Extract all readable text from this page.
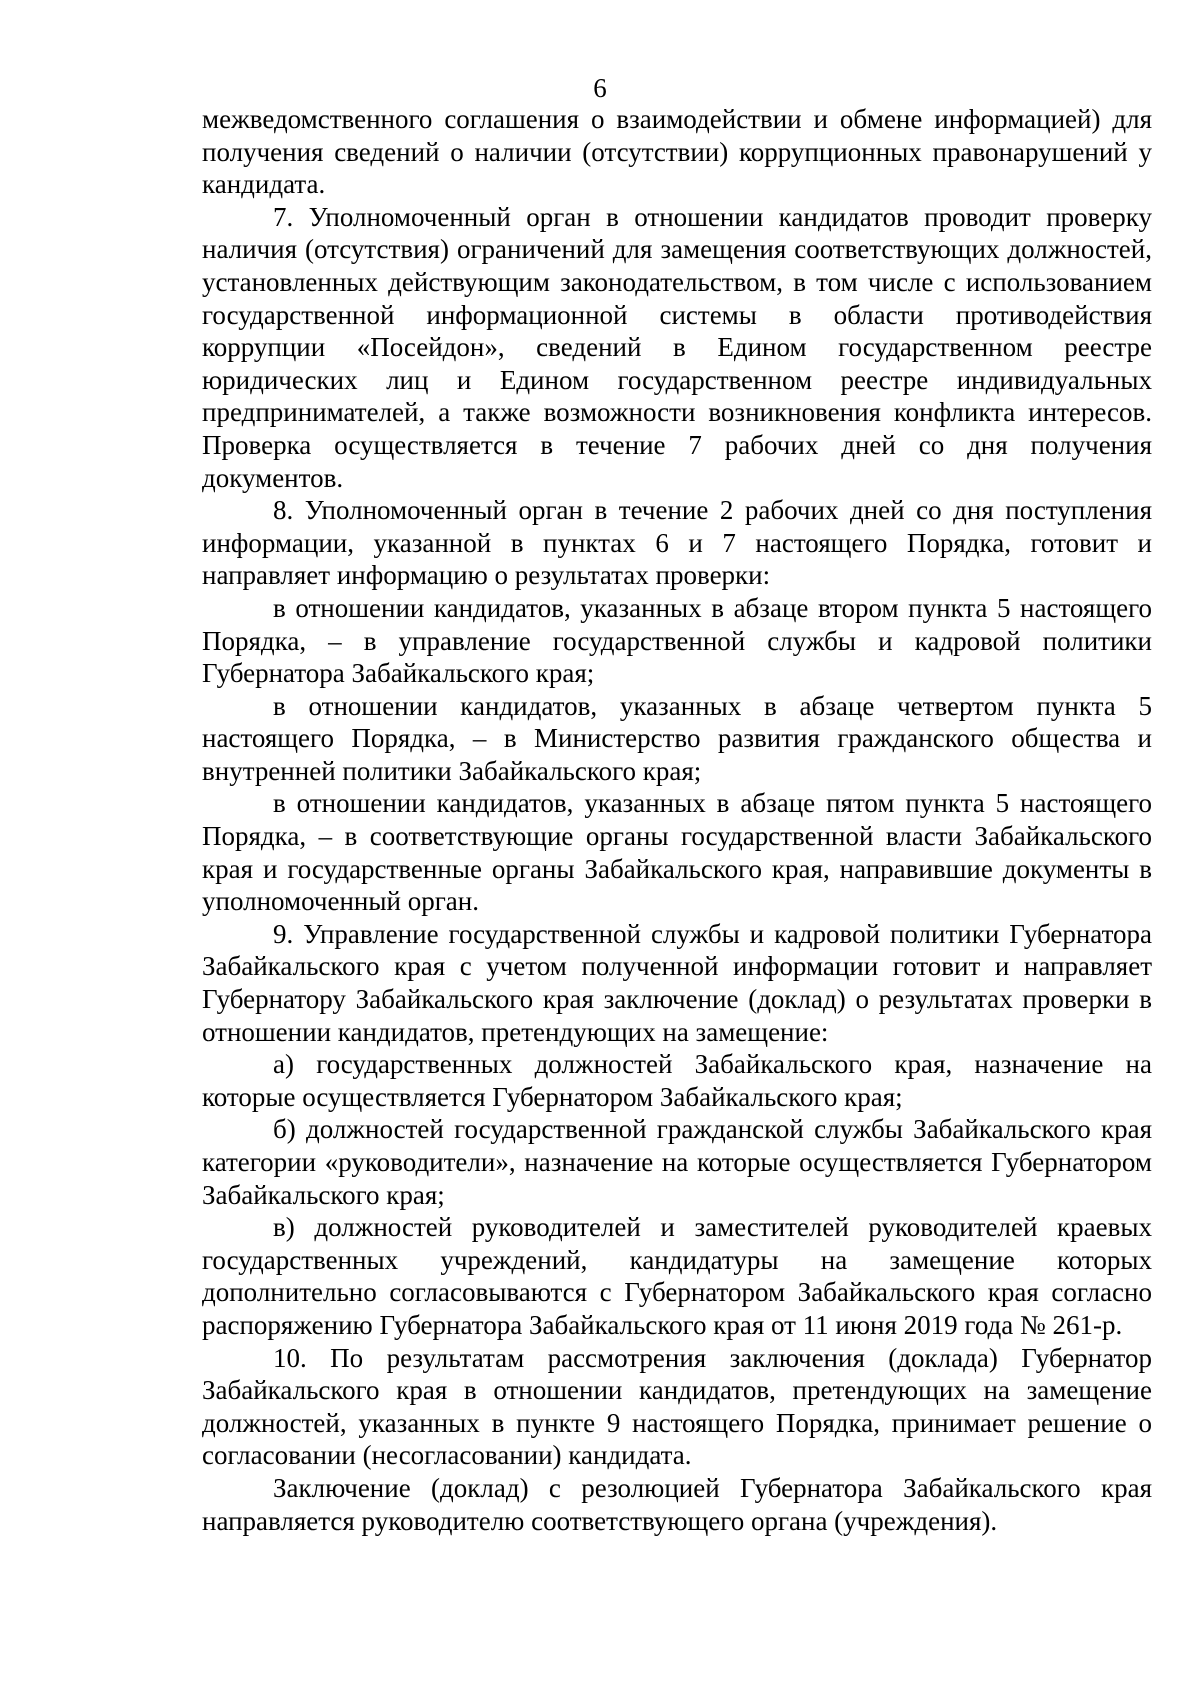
6

межведомственного соглашения о взаимодействии и обмене информацией) для получения сведений о наличии (отсутствии) коррупционных правонарушений у кандидата.

7. Уполномоченный орган в отношении кандидатов проводит проверку наличия (отсутствия) ограничений для замещения соответствующих должностей, установленных действующим законодательством, в том числе с использованием государственной информационной системы в области противодействия коррупции «Посейдон», сведений в Едином государственном реестре юридических лиц и Едином государственном реестре индивидуальных предпринимателей, а также возможности возникновения конфликта интересов. Проверка осуществляется в течение 7 рабочих дней со дня получения документов.

8. Уполномоченный орган в течение 2 рабочих дней со дня поступления информации, указанной в пунктах 6 и 7 настоящего Порядка, готовит и направляет информацию о результатах проверки:

в отношении кандидатов, указанных в абзаце втором пункта 5 настоящего Порядка, – в управление государственной службы и кадровой политики Губернатора Забайкальского края;

в отношении кандидатов, указанных в абзаце четвертом пункта 5 настоящего Порядка, – в Министерство развития гражданского общества и внутренней политики Забайкальского края;

в отношении кандидатов, указанных в абзаце пятом пункта 5 настоящего Порядка, – в соответствующие органы государственной власти Забайкальского края и государственные органы Забайкальского края, направившие документы в уполномоченный орган.

9. Управление государственной службы и кадровой политики Губернатора Забайкальского края с учетом полученной информации готовит и направляет Губернатору Забайкальского края заключение (доклад) о результатах проверки в отношении кандидатов, претендующих на замещение:

а) государственных должностей Забайкальского края, назначение на которые осуществляется Губернатором Забайкальского края;

б) должностей государственной гражданской службы Забайкальского края категории «руководители», назначение на которые осуществляется Губернатором Забайкальского края;

в) должностей руководителей и заместителей руководителей краевых государственных учреждений, кандидатуры на замещение которых дополнительно согласовываются с Губернатором Забайкальского края согласно распоряжению Губернатора Забайкальского края от 11 июня 2019 года № 261-р.

10. По результатам рассмотрения заключения (доклада) Губернатор Забайкальского края в отношении кандидатов, претендующих на замещение должностей, указанных в пункте 9 настоящего Порядка, принимает решение о согласовании (несогласовании) кандидата.

Заключение (доклад) с резолюцией Губернатора Забайкальского края направляется руководителю соответствующего органа (учреждения).
